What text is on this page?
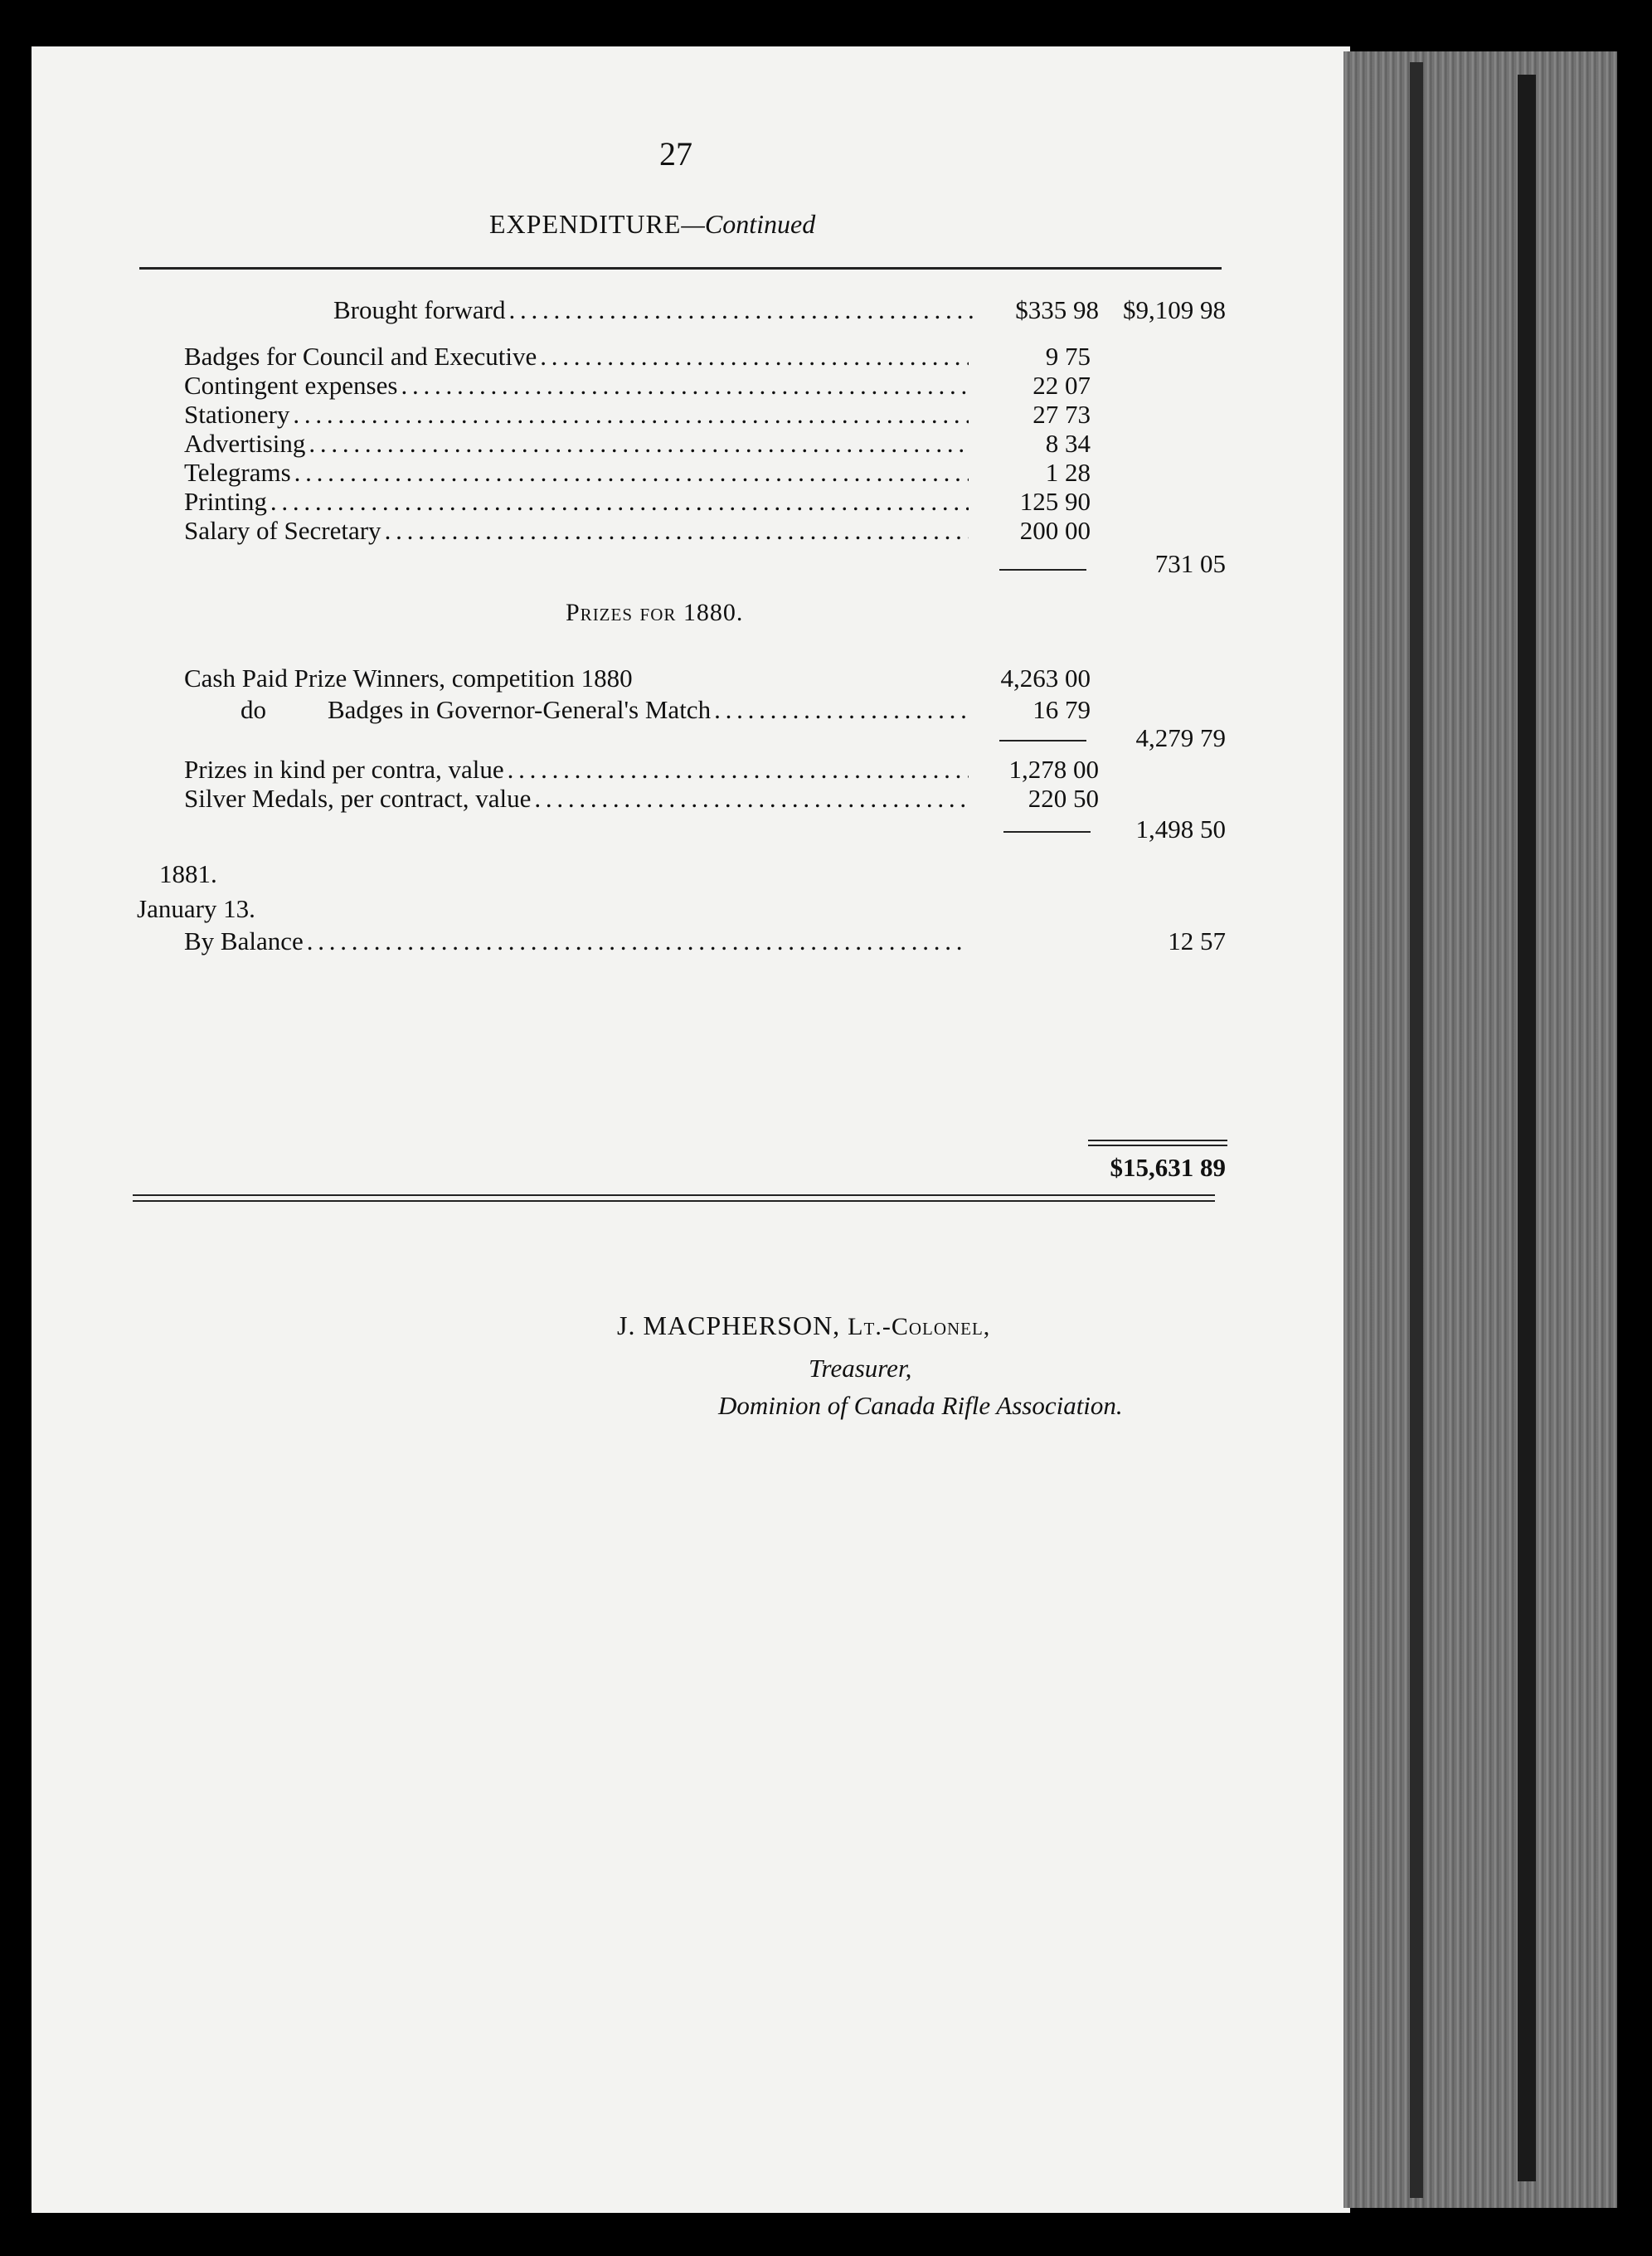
27
EXPENDITURE—Continued
Brought forward . . .	$335 98 $9,109 98
Badges for Council and Executive . . .	9 75
Contingent expenses . . .	22 07
Stationery . . .	27 73
Advertising . . .	8 34
Telegrams . . .	1 28
Printing . . .	125 90
Salary of Secretary . . .	200 00
731 05
Prizes for 1880.
Cash Paid Prize Winners, competition 1880	4,263 00
do Badges in Governor-General's Match . . .	16 79
4,279 79
Prizes in kind per contra, value . . .	1,278 00
Silver Medals, per contract, value . . .	220 50
1,498 50
1881.
January 13.
By Balance . . .	12 57
$15,631 89
J. MACPHERSON, Lt.-Colonel,
Treasurer,
Dominion of Canada Rifle Association.
